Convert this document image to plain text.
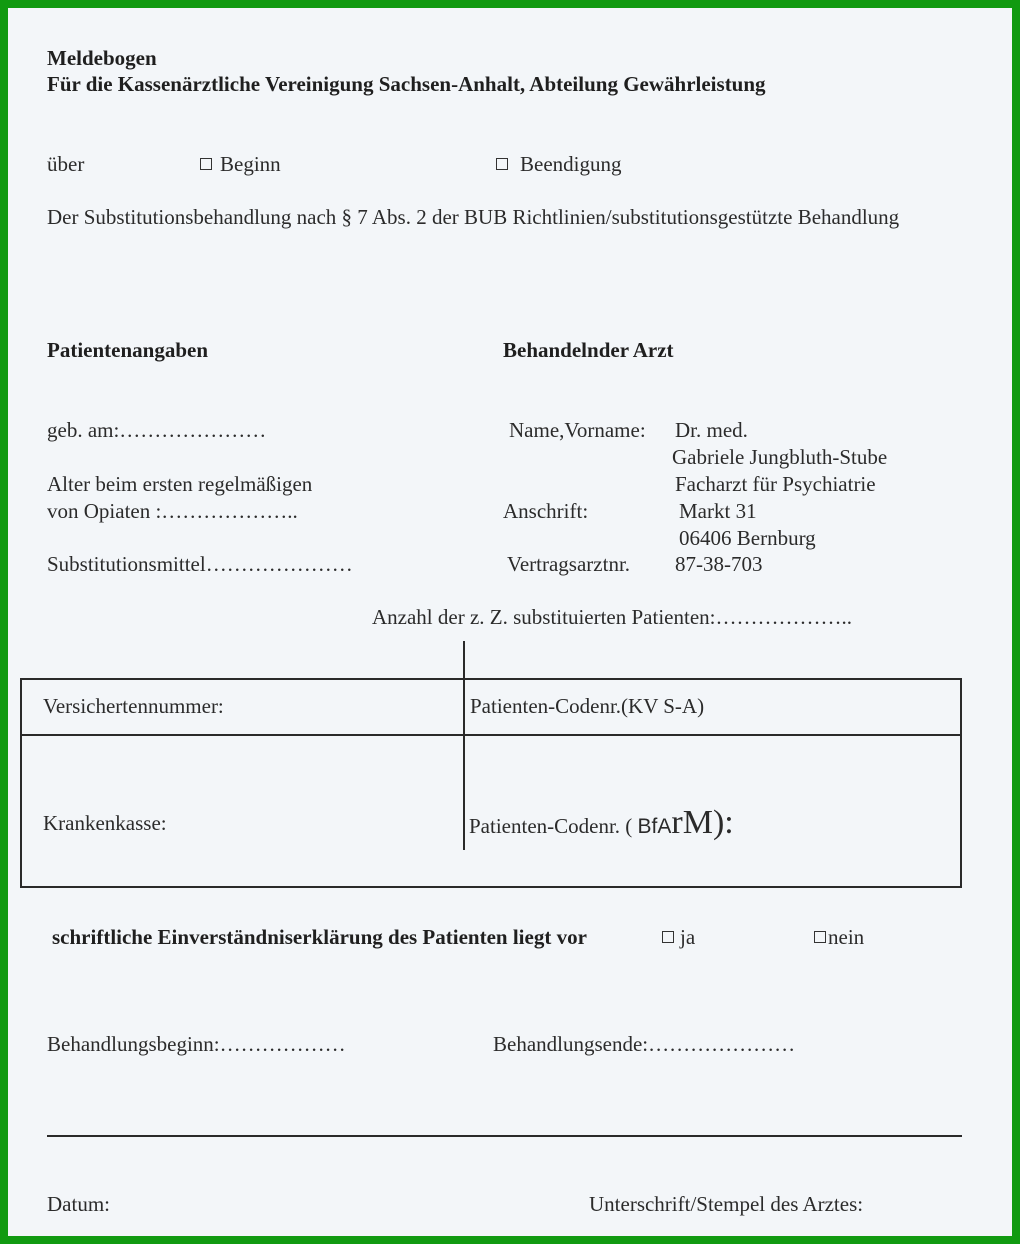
Meldebogen
Für die Kassenärztliche Vereinigung Sachsen-Anhalt, Abteilung Gewährleistung
über	Beginn	Beendigung
Der Substitutionsbehandlung nach § 7 Abs. 2 der BUB Richtlinien/substitutionsgestützte Behandlung
Patientenangaben	Behandelnder Arzt
geb. am:…………………
Alter beim ersten regelmäßigen
von Opiaten :………………..
Substitutionsmittel…………………
Name,Vorname: Dr. med.
Gabriele Jungbluth-Stube
Facharzt für Psychiatrie
Anschrift:	Markt 31
06406 Bernburg
Vertragsarztnr. 87-38-703
Anzahl der z. Z. substituierten Patienten:………………..
Versichertennummer:	Patienten-Codenr.(KV S-A)
Krankenkasse:	Patienten-Codenr. ( BfArM):
schriftliche Einverständniserklärung des Patienten liegt vor	ja	nein
Behandlungsbeginn:………………	Behandlungsende:…………………
Datum:	Unterschrift/Stempel des Arztes:
